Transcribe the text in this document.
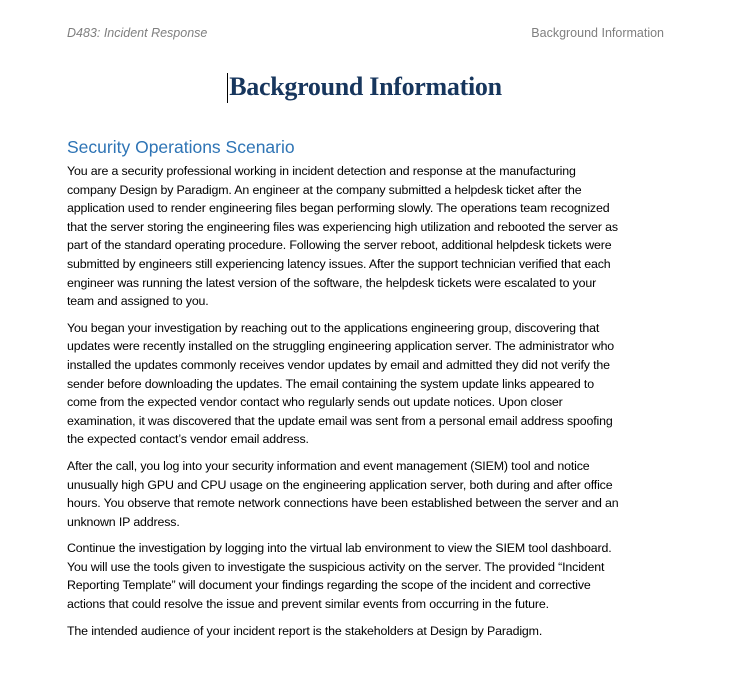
D483: Incident Response	Background Information
Background Information
Security Operations Scenario

You are a security professional working in incident detection and response at the manufacturing
company Design by Paradigm. An engineer at the company submitted a helpdesk ticket after the
application used to render engineering files began performing slowly. The operations team recognized
that the server storing the engineering files was experiencing high utilization and rebooted the server as
part of the standard operating procedure. Following the server reboot, additional helpdesk tickets were
submitted by engineers still experiencing latency issues. After the support technician verified that each
engineer was running the latest version of the software, the helpdesk tickets were escalated to your
team and assigned to you.

You began your investigation by reaching out to the applications engineering group, discovering that
updates were recently installed on the struggling engineering application server. The administrator who
installed the updates commonly receives vendor updates by email and admitted they did not verify the
sender before downloading the updates. The email containing the system update links appeared to
come from the expected vendor contact who regularly sends out update notices. Upon closer
examination, it was discovered that the update email was sent from a personal email address spoofing
the expected contact’s vendor email address.

After the call, you log into your security information and event management (SIEM) tool and notice
unusually high GPU and CPU usage on the engineering application server, both during and after office
hours. You observe that remote network connections have been established between the server and an
unknown IP address.

Continue the investigation by logging into the virtual lab environment to view the SIEM tool dashboard.
You will use the tools given to investigate the suspicious activity on the server. The provided “Incident
Reporting Template” will document your findings regarding the scope of the incident and corrective
actions that could resolve the issue and prevent similar events from occurring in the future.

The intended audience of your incident report is the stakeholders at Design by Paradigm.
